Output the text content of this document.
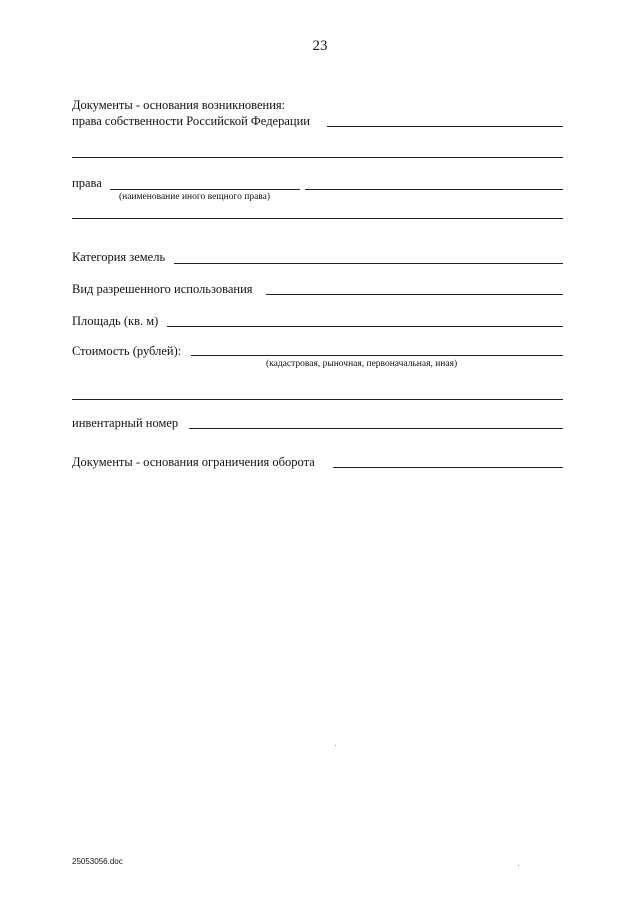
23
Документы - основания возникновения:
права собственности Российской Федерации
права
(наименование иного вещного права)
Категория земель
Вид разрешенного использования
Площадь (кв. м)
Стоимость (рублей):
(кадастровая, рыночная, первоначальная, иная)
инвентарный номер
Документы - основания ограничения оборота
25053056.doc
